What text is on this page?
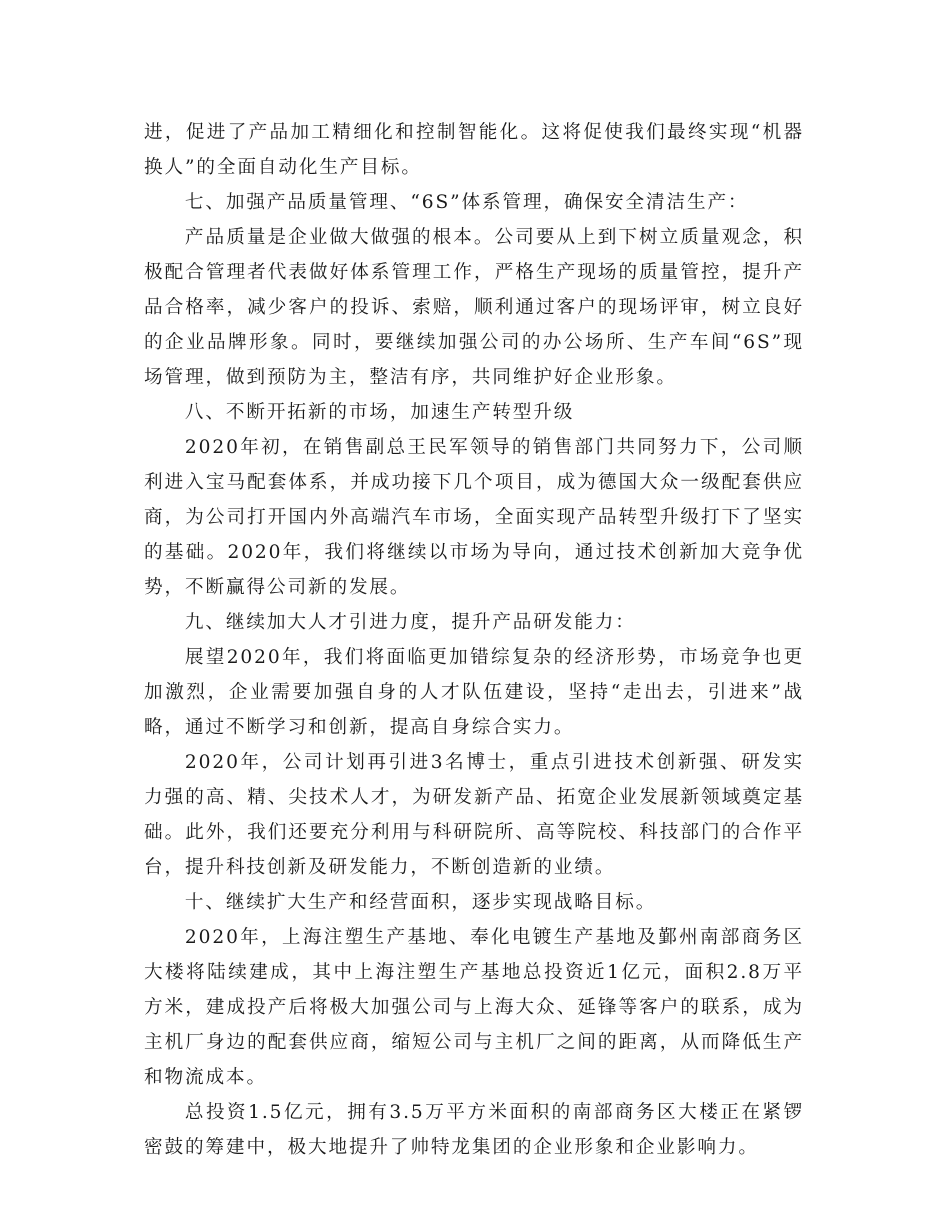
进，促进了产品加工精细化和控制智能化。这将促使我们最终实现“机器换人”的全面自动化生产目标。

七、加强产品质量管理、“6S”体系管理，确保安全清洁生产：

产品质量是企业做大做强的根本。公司要从上到下树立质量观念，积极配合管理者代表做好体系管理工作，严格生产现场的质量管控，提升产品合格率，减少客户的投诉、索赔，顺利通过客户的现场评审，树立良好的企业品牌形象。同时，要继续加强公司的办公场所、生产车间“6S”现场管理，做到预防为主，整洁有序，共同维护好企业形象。

八、不断开拓新的市场，加速生产转型升级

2020年初，在销售副总王民军领导的销售部门共同努力下，公司顺利进入宝马配套体系，并成功接下几个项目，成为德国大众一级配套供应商，为公司打开国内外高端汽车市场，全面实现产品转型升级打下了坚实的基础。2020年，我们将继续以市场为导向，通过技术创新加大竞争优势，不断赢得公司新的发展。

九、继续加大人才引进力度，提升产品研发能力：

展望2020年，我们将面临更加错综复杂的经济形势，市场竞争也更加激烈，企业需要加强自身的人才队伍建设，坚持“走出去，引进来”战略，通过不断学习和创新，提高自身综合实力。

2020年，公司计划再引进3名博士，重点引进技术创新强、研发实力强的高、精、尖技术人才，为研发新产品、拓宽企业发展新领域奠定基础。此外，我们还要充分利用与科研院所、高等院校、科技部门的合作平台，提升科技创新及研发能力，不断创造新的业绩。

十、继续扩大生产和经营面积，逐步实现战略目标。

2020年，上海注塑生产基地、奉化电镀生产基地及鄞州南部商务区大楼将陆续建成，其中上海注塑生产基地总投资近1亿元，面积2.8万平方米，建成投产后将极大加强公司与上海大众、延锋等客户的联系，成为主机厂身边的配套供应商，缩短公司与主机厂之间的距离，从而降低生产和物流成本。

总投资1.5亿元，拥有3.5万平方米面积的南部商务区大楼正在紧锣密鼓的筹建中，极大地提升了帅特龙集团的企业形象和企业影响力。
